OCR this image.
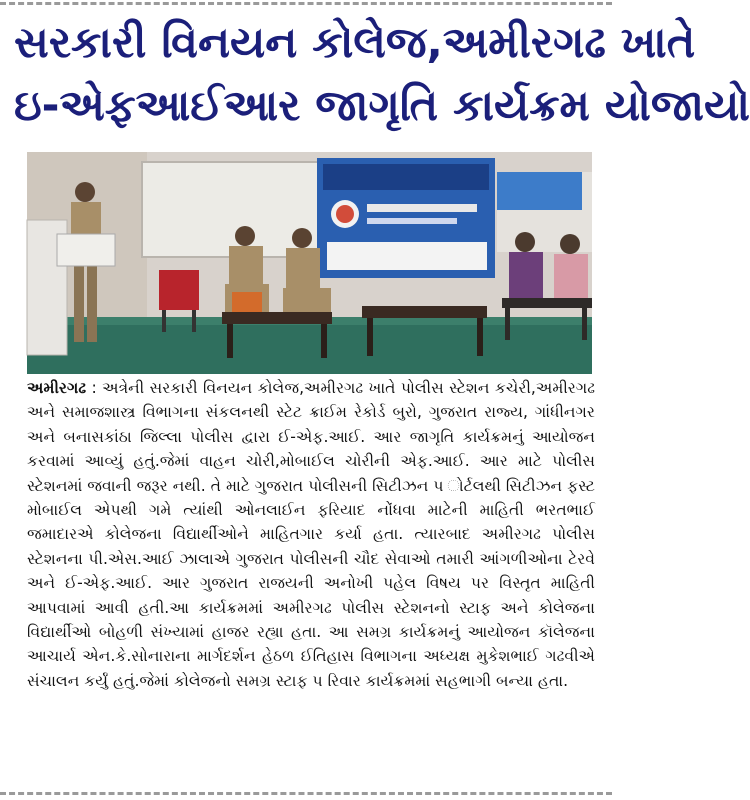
સરકારી વિનયન કોલેજ,અમીરગઢ ખાતે
ઇ-એફઆઈઆર જાગૃતિ કાર્યક્રમ યોજાયો
અમીરગઢ : અત્રેની સરકારી વિનયન કોલેજ,અમીરગઢ ખાતે પોલીસ સ્ટેશન કચેરી,અમીરગઢ અને સમાજશાસ્ત્ર વિભાગના સંકલનથી સ્ટેટ ક્રાઈમ રેકોર્ડ બુરો, ગુજરાત રાજ્ય, ગાંધીનગર અને બનાસકાંઠા જિલ્લા પોલીસ દ્વારા ઈ-એફ.આઈ. આર જાગૃતિ કાર્યક્રમનું આયોજન કરવામાં આવ્યું હતું.જેમાં વાહન ચોરી,મોબાઈલ ચોરીની એફ.આઈ. આર માટે પોલીસ સ્ટેશનમાં જવાની જરૂર નથી. તે માટે ગુજરાત પોલીસની સિટીઝન પ ોર્ટલથી સિટીઝન ફસ્ટ મોબાઈલ એપથી ગમે ત્યાંથી ઓનલાઈન ફરિયાદ નોંધવા માટેની માહિતી ભરતભાઈ જમાદારએ કોલેજના વિદ્યાર્થીઓને માહિતગાર કર્યા હતા. ત્યારબાદ અમીરગઢ પોલીસ સ્ટેશનના પી.એસ.આઈ ઝાલાએ ગુજરાત પોલીસની ચૌદ સેવાઓ તમારી આંગળીઓના ટેરવે અને ઈ-એફ.આઈ. આર ગુજરાત રાજયની અનોખી પહેલ વિષય પર વિસ્તૃત માહિતી આપવામાં આવી હતી.આ કાર્યક્રમમાં અમીરગઢ પોલીસ સ્ટેશનનો સ્ટાફ અને કોલેજના વિદ્યાર્થીઓ બોહળી સંખ્યામાં હાજર રહ્યા હતા. આ સમગ્ર કાર્યક્રમનું આયોજન કૉલેજના આચાર્ય એન.કે.સોનારાના માર્ગદર્શન હેઠળ ઈતિહાસ વિભાગના અધ્યક્ષ મુકેશભાઈ ગઢવીએ સંચાલન કર્યું હતું.જેમાં કોલેજનો સમગ્ર સ્ટાફ પ રિવાર કાર્યક્રમમાં સહભાગી બન્યા હતા.
